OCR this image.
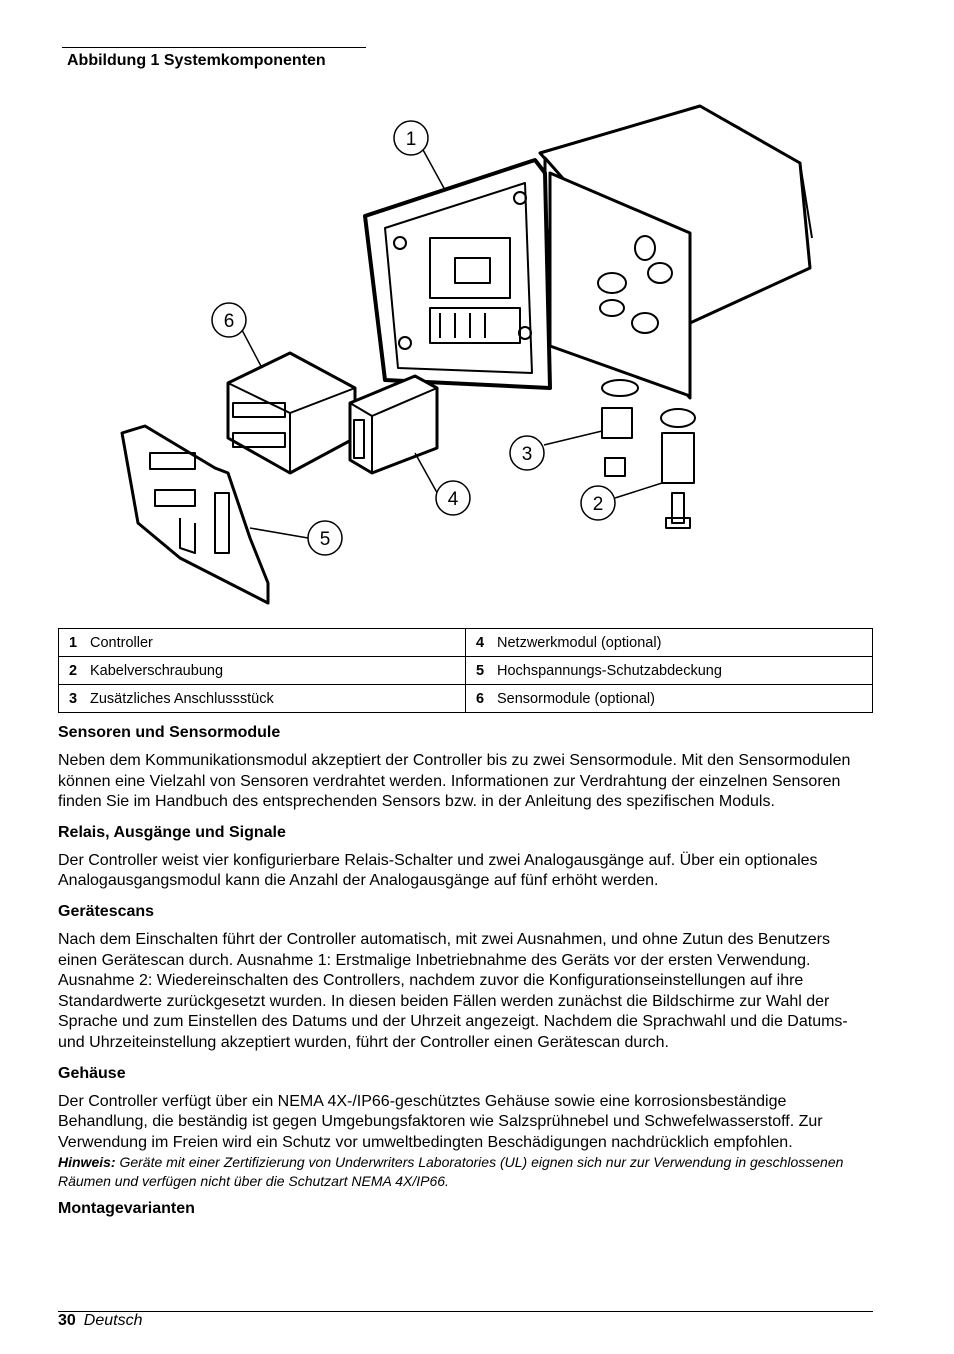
Abbildung 1 Systemkomponenten
1
6
3
4	2
5
1 Controller	4 Netzwerkmodul (optional)
2 Kabelverschraubung	5 Hochspannungs-Schutzabdeckung
3 Zusätzliches Anschlussstück	6 Sensormodule (optional)
Sensoren und Sensormodule

Neben dem Kommunikationsmodul akzeptiert der Controller bis zu zwei Sensormodule. Mit den Sensormodulen können eine Vielzahl von Sensoren verdrahtet werden. Informationen zur Verdrahtung der einzelnen Sensoren finden Sie im Handbuch des entsprechenden Sensors bzw. in der Anleitung des spezifischen Moduls.

Relais, Ausgänge und Signale

Der Controller weist vier konfigurierbare Relais-Schalter und zwei Analogausgänge auf. Über ein optionales Analogausgangsmodul kann die Anzahl der Analogausgänge auf fünf erhöht werden.

Gerätescans

Nach dem Einschalten führt der Controller automatisch, mit zwei Ausnahmen, und ohne Zutun des Benutzers einen Gerätescan durch. Ausnahme 1: Erstmalige Inbetriebnahme des Geräts vor der ersten Verwendung. Ausnahme 2: Wiedereinschalten des Controllers, nachdem zuvor die Konfigurationseinstellungen auf ihre Standardwerte zurückgesetzt wurden. In diesen beiden Fällen werden zunächst die Bildschirme zur Wahl der Sprache und zum Einstellen des Datums und der Uhrzeit angezeigt. Nachdem die Sprachwahl und die Datums- und Uhrzeiteinstellung akzeptiert wurden, führt der Controller einen Gerätescan durch.

Gehäuse

Der Controller verfügt über ein NEMA 4X-/IP66-geschütztes Gehäuse sowie eine korrosionsbeständige Behandlung, die beständig ist gegen Umgebungsfaktoren wie Salzsprühnebel und Schwefelwasserstoff. Zur Verwendung im Freien wird ein Schutz vor umweltbedingten Beschädigungen nachdrücklich empfohlen.

Hinweis: Geräte mit einer Zertifizierung von Underwriters Laboratories (UL) eignen sich nur zur Verwendung in geschlossenen Räumen und verfügen nicht über die Schutzart NEMA 4X/IP66.

Montagevarianten
30 Deutsch
